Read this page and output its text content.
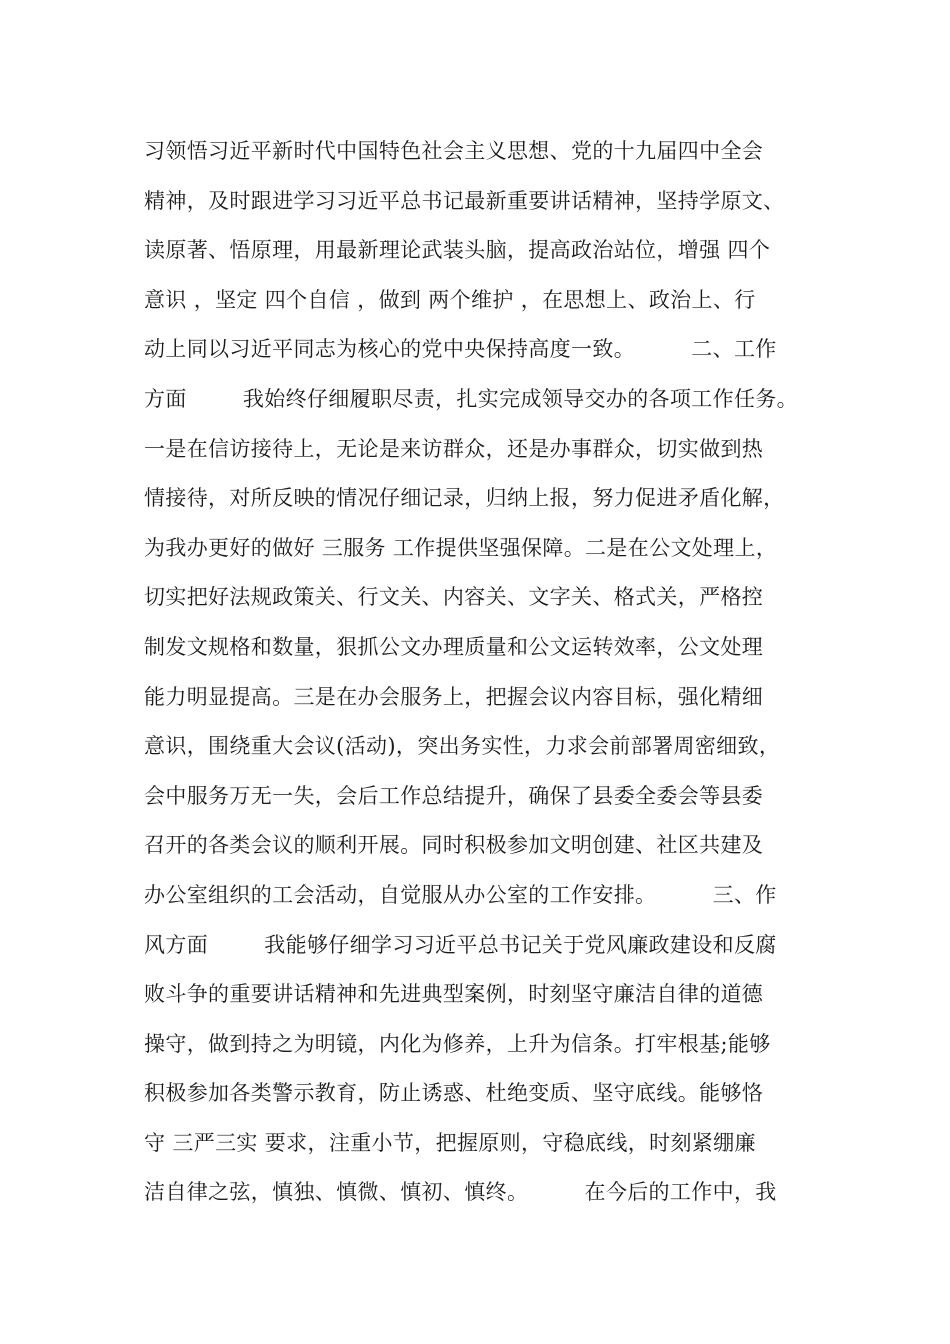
习领悟习近平新时代中国特色社会主义思想、党的十九届四中全会
精神，及时跟进学习习近平总书记最新重要讲话精神，坚持学原文、
读原著、悟原理，用最新理论武装头脑，提高政治站位，增强 四个
意识 ，坚定 四个自信 ，做到 两个维护 ，在思想上、政治上、行
动上同以习近平同志为核心的党中央保持高度一致。        二、工作
方面        我始终仔细履职尽责，扎实完成领导交办的各项工作任务。
一是在信访接待上，无论是来访群众，还是办事群众，切实做到热
情接待，对所反映的情况仔细记录，归纳上报，努力促进矛盾化解，
为我办更好的做好 三服务 工作提供坚强保障。二是在公文处理上，
切实把好法规政策关、行文关、内容关、文字关、格式关，严格控
制发文规格和数量，狠抓公文办理质量和公文运转效率，公文处理
能力明显提高。三是在办会服务上，把握会议内容目标，强化精细
意识，围绕重大会议(活动)，突出务实性，力求会前部署周密细致，
会中服务万无一失，会后工作总结提升，确保了县委全委会等县委
召开的各类会议的顺利开展。同时积极参加文明创建、社区共建及
办公室组织的工会活动，自觉服从办公室的工作安排。        三、作
风方面        我能够仔细学习习近平总书记关于党风廉政建设和反腐
败斗争的重要讲话精神和先进典型案例，时刻坚守廉洁自律的道德
操守，做到持之为明镜，内化为修养，上升为信条。打牢根基;能够
积极参加各类警示教育，防止诱惑、杜绝变质、坚守底线。能够恪
守 三严三实 要求，注重小节，把握原则，守稳底线，时刻紧绷廉
洁自律之弦，慎独、慎微、慎初、慎终。        在今后的工作中，我
